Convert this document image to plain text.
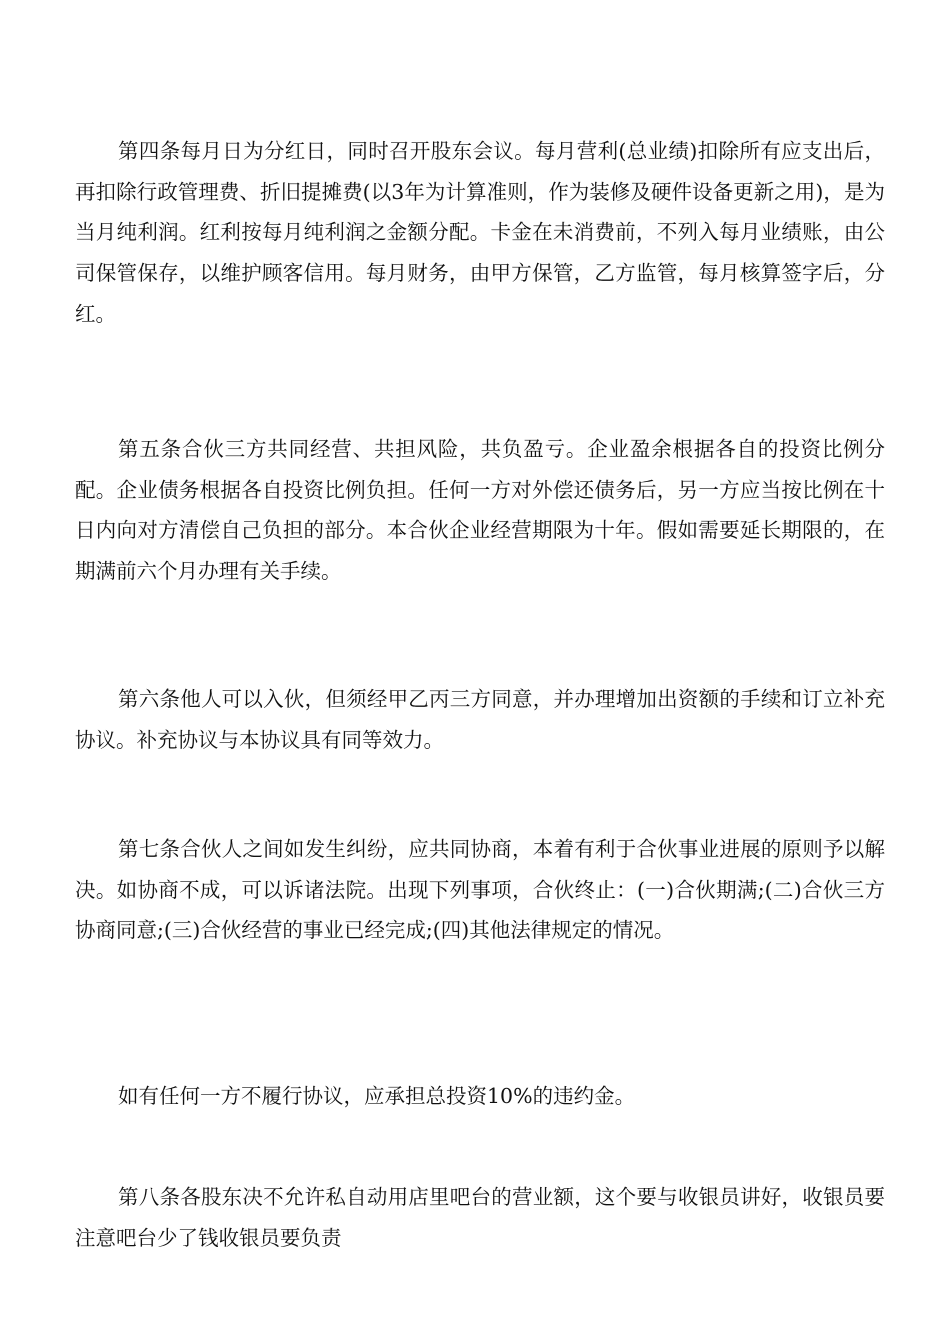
第四条每月日为分红日，同时召开股东会议。每月营利(总业绩)扣除所有应支出后，再扣除行政管理费、折旧提摊费(以3年为计算准则，作为装修及硬件设备更新之用)，是为当月纯利润。红利按每月纯利润之金额分配。卡金在未消费前，不列入每月业绩账，由公司保管保存，以维护顾客信用。每月财务，由甲方保管，乙方监管，每月核算签字后，分红。

第五条合伙三方共同经营、共担风险，共负盈亏。企业盈余根据各自的投资比例分配。企业债务根据各自投资比例负担。任何一方对外偿还债务后，另一方应当按比例在十日内向对方清偿自己负担的部分。本合伙企业经营期限为十年。假如需要延长期限的，在期满前六个月办理有关手续。

第六条他人可以入伙，但须经甲乙丙三方同意，并办理增加出资额的手续和订立补充协议。补充协议与本协议具有同等效力。

第七条合伙人之间如发生纠纷，应共同协商，本着有利于合伙事业进展的原则予以解决。如协商不成，可以诉诸法院。出现下列事项，合伙终止：(一)合伙期满;(二)合伙三方协商同意;(三)合伙经营的事业已经完成;(四)其他法律规定的情况。

如有任何一方不履行协议，应承担总投资10%的违约金。

第八条各股东决不允许私自动用店里吧台的营业额，这个要与收银员讲好，收银员要注意吧台少了钱收银员要负责
